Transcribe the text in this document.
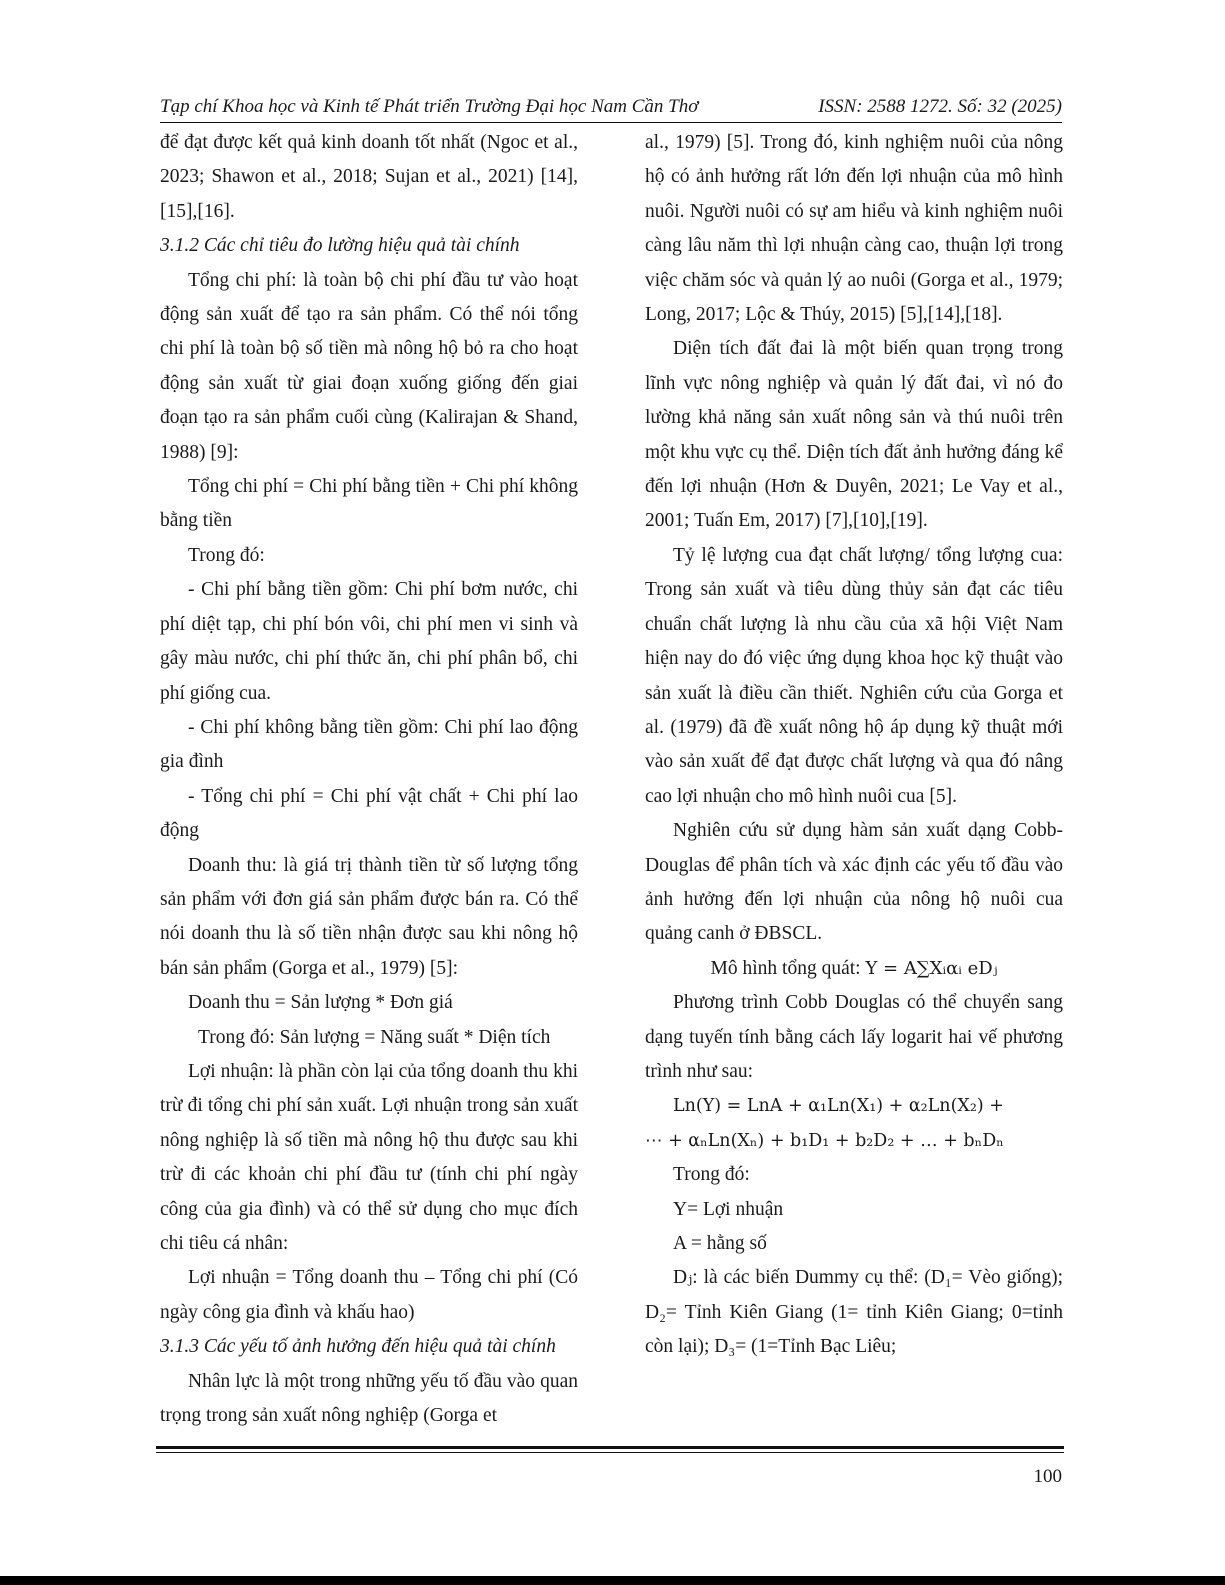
Tạp chí Khoa học và Kinh tế Phát triển Trường Đại học Nam Cần Thơ	ISSN: 2588 1272. Số: 32 (2025)

để đạt được kết quả kinh doanh tốt nhất (Ngoc et al., 2023; Shawon et al., 2018; Sujan et al., 2021) [14],[15],[16].

3.1.2 Các chỉ tiêu đo lường hiệu quả tài chính

Tổng chi phí: là toàn bộ chi phí đầu tư vào hoạt động sản xuất để tạo ra sản phẩm. Có thể nói tổng chi phí là toàn bộ số tiền mà nông hộ bỏ ra cho hoạt động sản xuất từ giai đoạn xuống giống đến giai đoạn tạo ra sản phẩm cuối cùng (Kalirajan & Shand, 1988) [9]:

Tổng chi phí = Chi phí bằng tiền + Chi phí không bằng tiền

Trong đó:

- Chi phí bằng tiền gồm: Chi phí bơm nước, chi phí diệt tạp, chi phí bón vôi, chi phí men vi sinh và gây màu nước, chi phí thức ăn, chi phí phân bổ, chi phí giống cua.

- Chi phí không bằng tiền gồm: Chi phí lao động gia đình

- Tổng chi phí = Chi phí vật chất + Chi phí lao động

Doanh thu: là giá trị thành tiền từ số lượng tổng sản phẩm với đơn giá sản phẩm được bán ra. Có thể nói doanh thu là số tiền nhận được sau khi nông hộ bán sản phẩm (Gorga et al., 1979) [5]:

Doanh thu = Sản lượng * Đơn giá

Trong đó: Sản lượng = Năng suất * Diện tích

Lợi nhuận: là phần còn lại của tổng doanh thu khi trừ đi tổng chi phí sản xuất. Lợi nhuận trong sản xuất nông nghiệp là số tiền mà nông hộ thu được sau khi trừ đi các khoản chi phí đầu tư (tính chi phí ngày công của gia đình) và có thể sử dụng cho mục đích chi tiêu cá nhân:

Lợi nhuận = Tổng doanh thu – Tổng chi phí (Có ngày công gia đình và khấu hao)

3.1.3 Các yếu tố ảnh hưởng đến hiệu quả tài chính

Nhân lực là một trong những yếu tố đầu vào quan trọng trong sản xuất nông nghiệp (Gorga et

al., 1979) [5]. Trong đó, kinh nghiệm nuôi của nông hộ có ảnh hưởng rất lớn đến lợi nhuận của mô hình nuôi. Người nuôi có sự am hiểu và kinh nghiệm nuôi càng lâu năm thì lợi nhuận càng cao, thuận lợi trong việc chăm sóc và quản lý ao nuôi (Gorga et al., 1979; Long, 2017; Lộc & Thúy, 2015) [5],[14],[18].

Diện tích đất đai là một biến quan trọng trong lĩnh vực nông nghiệp và quản lý đất đai, vì nó đo lường khả năng sản xuất nông sản và thú nuôi trên một khu vực cụ thể. Diện tích đất ảnh hưởng đáng kể đến lợi nhuận (Hơn & Duyên, 2021; Le Vay et al., 2001; Tuấn Em, 2017) [7],[10],[19].

Tỷ lệ lượng cua đạt chất lượng/ tổng lượng cua: Trong sản xuất và tiêu dùng thủy sản đạt các tiêu chuẩn chất lượng là nhu cầu của xã hội Việt Nam hiện nay do đó việc ứng dụng khoa học kỹ thuật vào sản xuất là điều cần thiết. Nghiên cứu của Gorga et al. (1979) đã đề xuất nông hộ áp dụng kỹ thuật mới vào sản xuất để đạt được chất lượng và qua đó nâng cao lợi nhuận cho mô hình nuôi cua [5].

Nghiên cứu sử dụng hàm sản xuất dạng Cobb-Douglas để phân tích và xác định các yếu tố đầu vào ảnh hưởng đến lợi nhuận của nông hộ nuôi cua quảng canh ở ĐBSCL.

Mô hình tổng quát: Y = A∑Xᵢαᵢ eDⱼ

Phương trình Cobb Douglas có thể chuyển sang dạng tuyến tính bằng cách lấy logarit hai vế phương trình như sau:

Ln(Y) = LnA + α₁Ln(X₁) + α₂Ln(X₂) +

⋯ + αₙLn(Xₙ) + b₁D₁ + b₂D₂ + … + bₙDₙ

Trong đó:

Y= Lợi nhuận

A = hằng số

Dⱼ: là các biến Dummy cụ thể: (D₁= Vèo giống); D₂= Tỉnh Kiên Giang (1= tỉnh Kiên Giang; 0=tỉnh còn lại); D₃= (1=Tỉnh Bạc Liêu;

100
